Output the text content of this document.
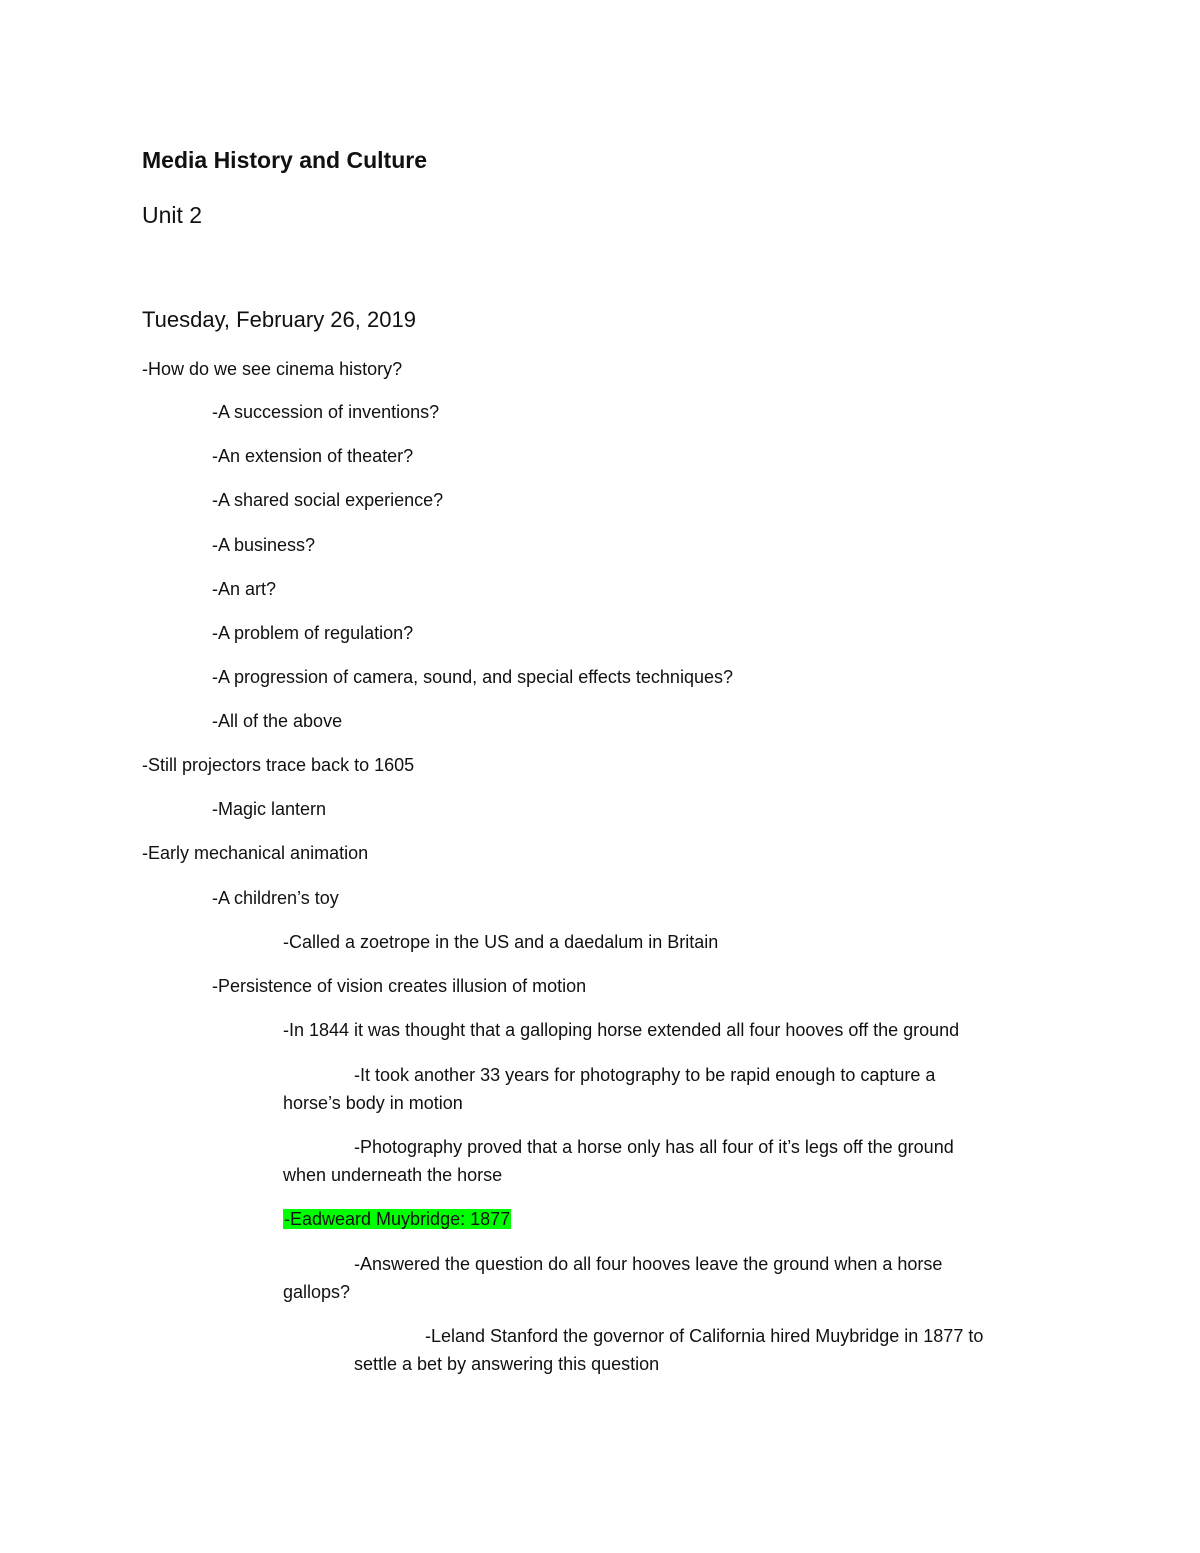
Media History and Culture
Unit 2
Tuesday, February 26, 2019
-How do we see cinema history?
-A succession of inventions?
-An extension of theater?
-A shared social experience?
-A business?
-An art?
-A problem of regulation?
-A progression of camera, sound, and special effects techniques?
-All of the above
-Still projectors trace back to 1605
-Magic lantern
-Early mechanical animation
-A children’s toy
-Called a zoetrope in the US and a daedalum in Britain
-Persistence of vision creates illusion of motion
-In 1844 it was thought that a galloping horse extended all four hooves off the ground
-It took another 33 years for photography to be rapid enough to capture a
horse’s body in motion
-Photography proved that a horse only has all four of it’s legs off the ground
when underneath the horse
-Eadweard Muybridge: 1877
-Answered the question do all four hooves leave the ground when a horse
gallops?
-Leland Stanford the governor of California hired Muybridge in 1877 to
settle a bet by answering this question
